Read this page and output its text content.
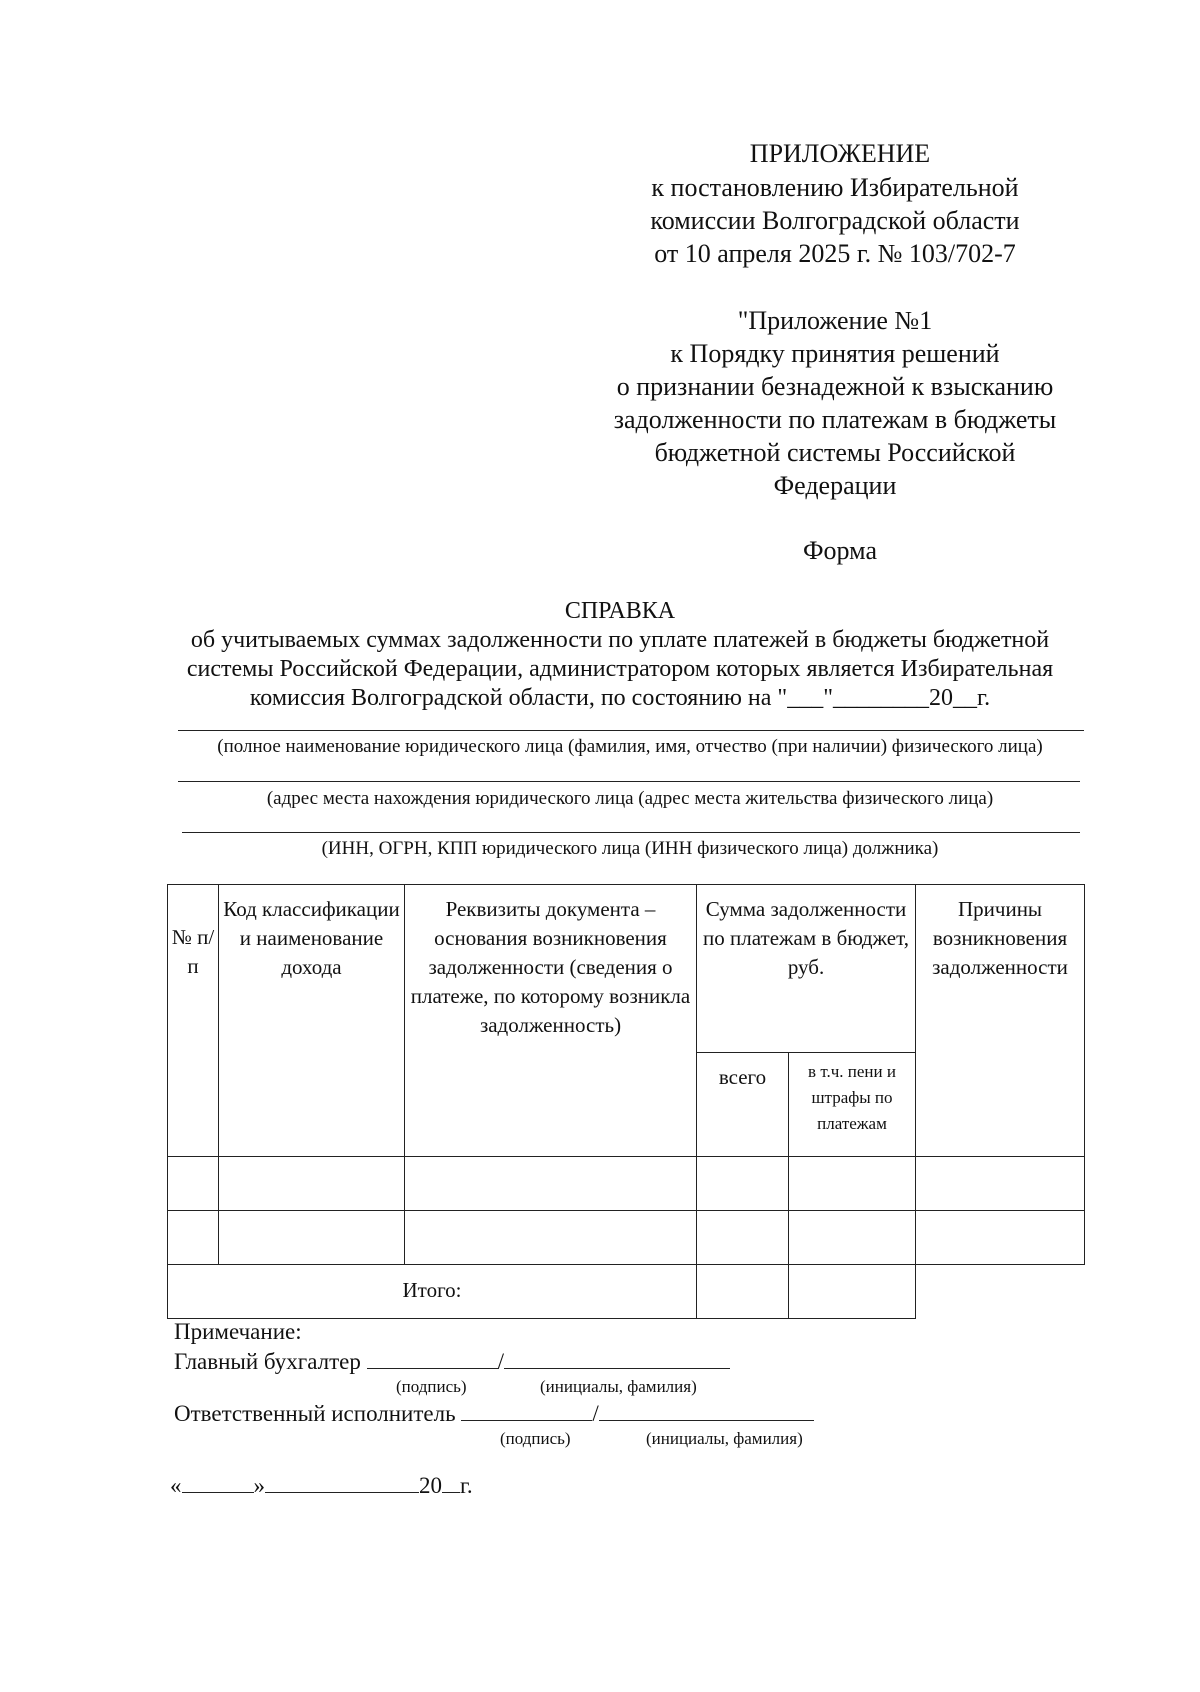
ПРИЛОЖЕНИЕ
к постановлению Избирательной
комиссии Волгоградской области
от 10 апреля 2025 г. № 103/702-7
"Приложение №1
к Порядку принятия решений
о признании безнадежной к взысканию
задолженности по платежам в бюджеты
бюджетной системы Российской
Федерации
Форма
СПРАВКА
об учитываемых суммах задолженности по уплате платежей в бюджеты бюджетной
системы Российской Федерации, администратором которых является Избирательная
комиссия Волгоградской области, по состоянию на "___"________20__г.
(полное наименование юридического лица (фамилия, имя, отчество (при наличии) физического лица)
(адрес места нахождения юридического лица (адрес места жительства физического лица)
(ИНН, ОГРН, КПП юридического лица (ИНН физического лица) должника)
№ п/п	Код классификации и наименование дохода	Реквизиты документа – основания возникновения задолженности (сведения о платеже, по которому возникла задолженность)	Сумма задолженности по платежам в бюджет, руб.		Причины возникновения задолженности
			всего	в т.ч. пени и штрафы по платежам	

Итого:					
Примечание:
Главный бухгалтер	/
(подпись)	(инициалы, фамилия)
Ответственный исполнитель	/
(подпись)	(инициалы, фамилия)
«	»	20 г.
